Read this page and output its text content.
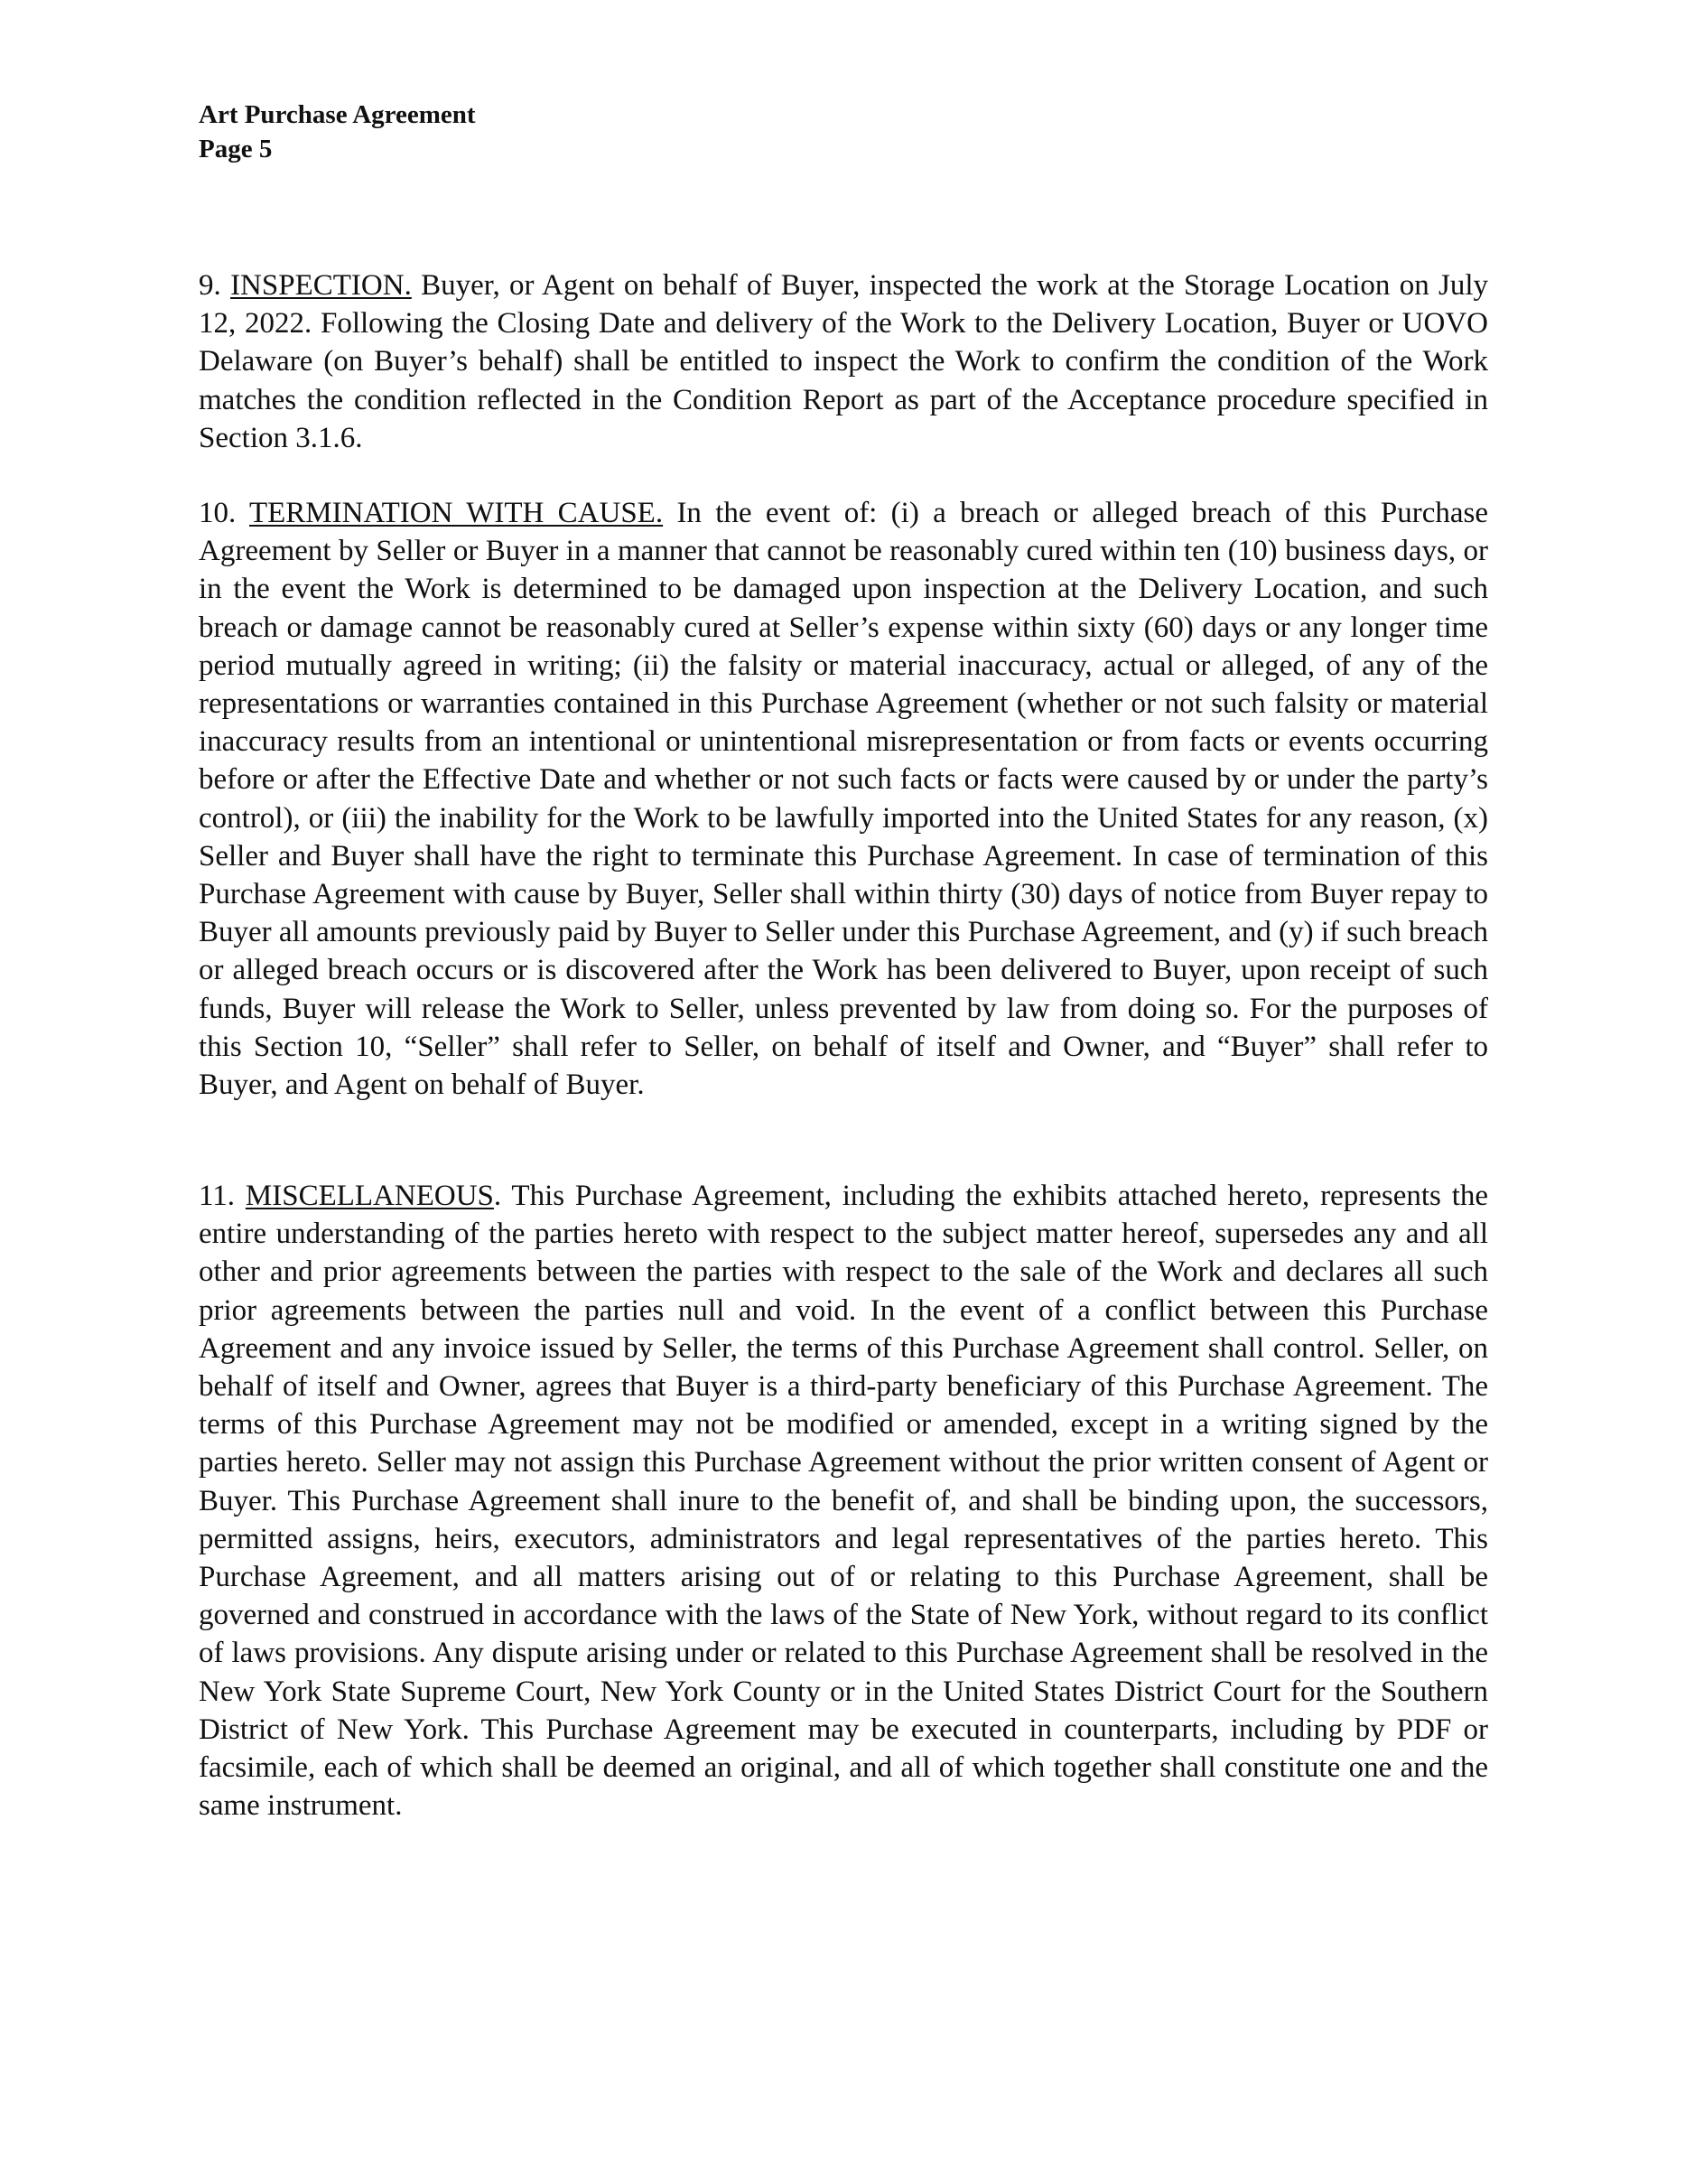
Art Purchase Agreement
Page 5

9. INSPECTION. Buyer, or Agent on behalf of Buyer, inspected the work at the Storage Location on July 12, 2022. Following the Closing Date and delivery of the Work to the Delivery Location, Buyer or UOVO Delaware (on Buyer’s behalf) shall be entitled to inspect the Work to confirm the condition of the Work matches the condition reflected in the Condition Report as part of the Acceptance procedure specified in Section 3.1.6.

10. TERMINATION WITH CAUSE. In the event of: (i) a breach or alleged breach of this Purchase Agreement by Seller or Buyer in a manner that cannot be reasonably cured within ten (10) business days, or in the event the Work is determined to be damaged upon inspection at the Delivery Location, and such breach or damage cannot be reasonably cured at Seller’s expense within sixty (60) days or any longer time period mutually agreed in writing; (ii) the falsity or material inaccuracy, actual or alleged, of any of the representations or warranties contained in this Purchase Agreement (whether or not such falsity or material inaccuracy results from an intentional or unintentional misrepresentation or from facts or events occurring before or after the Effective Date and whether or not such facts or facts were caused by or under the party’s control), or (iii) the inability for the Work to be lawfully imported into the United States for any reason, (x) Seller and Buyer shall have the right to terminate this Purchase Agreement. In case of termination of this Purchase Agreement with cause by Buyer, Seller shall within thirty (30) days of notice from Buyer repay to Buyer all amounts previously paid by Buyer to Seller under this Purchase Agreement, and (y) if such breach or alleged breach occurs or is discovered after the Work has been delivered to Buyer, upon receipt of such funds, Buyer will release the Work to Seller, unless prevented by law from doing so. For the purposes of this Section 10, “Seller” shall refer to Seller, on behalf of itself and Owner, and “Buyer” shall refer to Buyer, and Agent on behalf of Buyer.

11. MISCELLANEOUS. This Purchase Agreement, including the exhibits attached hereto, represents the entire understanding of the parties hereto with respect to the subject matter hereof, supersedes any and all other and prior agreements between the parties with respect to the sale of the Work and declares all such prior agreements between the parties null and void. In the event of a conflict between this Purchase Agreement and any invoice issued by Seller, the terms of this Purchase Agreement shall control. Seller, on behalf of itself and Owner, agrees that Buyer is a third-party beneficiary of this Purchase Agreement. The terms of this Purchase Agreement may not be modified or amended, except in a writing signed by the parties hereto. Seller may not assign this Purchase Agreement without the prior written consent of Agent or Buyer. This Purchase Agreement shall inure to the benefit of, and shall be binding upon, the successors, permitted assigns, heirs, executors, administrators and legal representatives of the parties hereto. This Purchase Agreement, and all matters arising out of or relating to this Purchase Agreement, shall be governed and construed in accordance with the laws of the State of New York, without regard to its conflict of laws provisions. Any dispute arising under or related to this Purchase Agreement shall be resolved in the New York State Supreme Court, New York County or in the United States District Court for the Southern District of New York. This Purchase Agreement may be executed in counterparts, including by PDF or facsimile, each of which shall be deemed an original, and all of which together shall constitute one and the same instrument.
